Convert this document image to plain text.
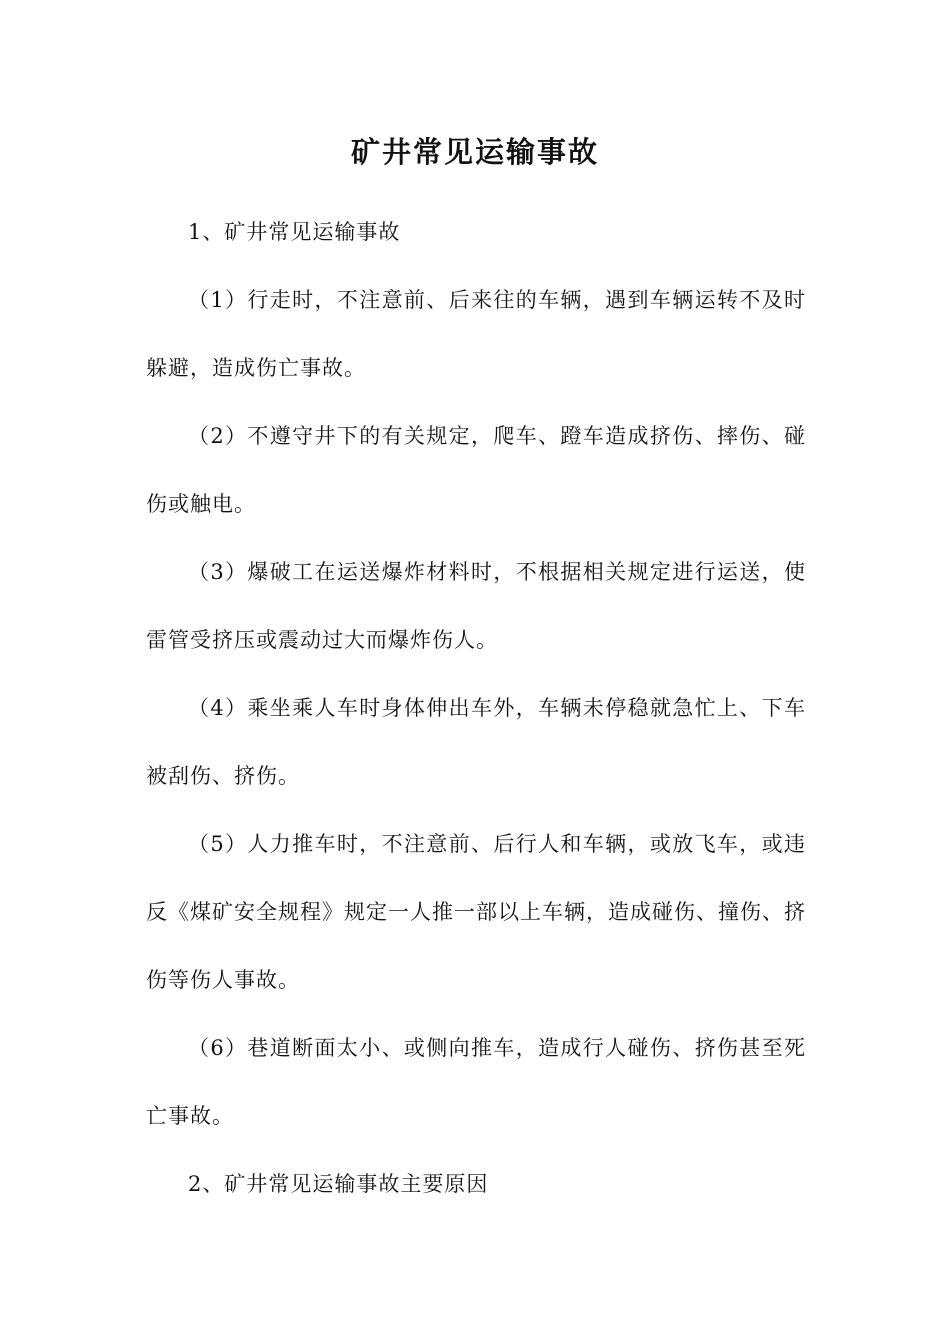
矿井常见运输事故

1、矿井常见运输事故

（1）行走时，不注意前、后来往的车辆，遇到车辆运转不及时躲避，造成伤亡事故。

（2）不遵守井下的有关规定，爬车、蹬车造成挤伤、摔伤、碰伤或触电。

（3）爆破工在运送爆炸材料时，不根据相关规定进行运送，使雷管受挤压或震动过大而爆炸伤人。

（4）乘坐乘人车时身体伸出车外，车辆未停稳就急忙上、下车被刮伤、挤伤。

（5）人力推车时，不注意前、后行人和车辆，或放飞车，或违反《煤矿安全规程》规定一人推一部以上车辆，造成碰伤、撞伤、挤伤等伤人事故。

（6）巷道断面太小、或侧向推车，造成行人碰伤、挤伤甚至死亡事故。

2、矿井常见运输事故主要原因
